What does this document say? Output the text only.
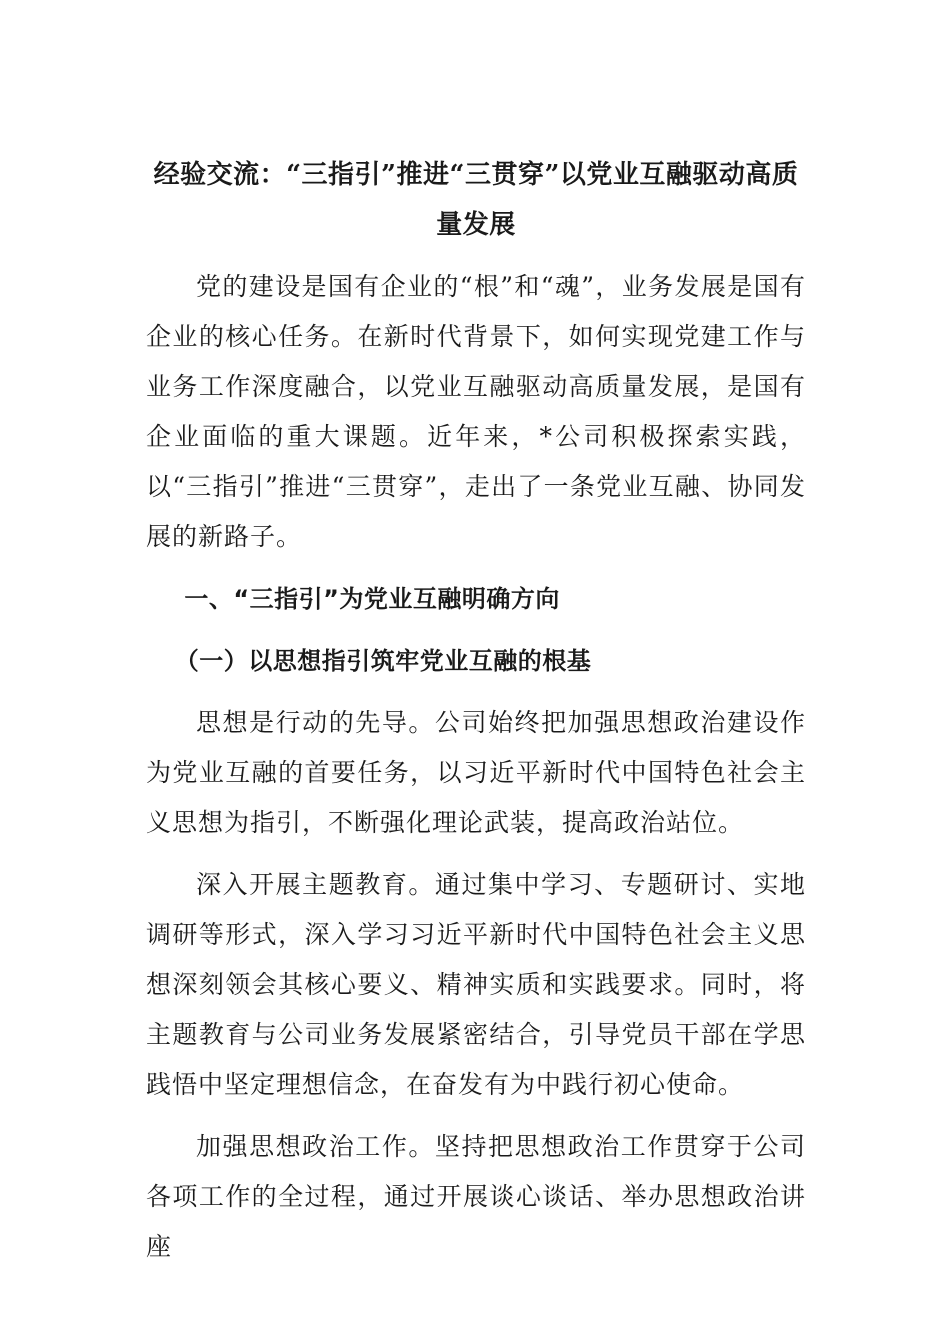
经验交流：“三指引”推进“三贯穿”以党业互融驱动高质量发展

党的建设是国有企业的“根”和“魂”，业务发展是国有企业的核心任务。在新时代背景下，如何实现党建工作与业务工作深度融合，以党业互融驱动高质量发展，是国有企业面临的重大课题。近年来，*公司积极探索实践，以“三指引”推进“三贯穿”，走出了一条党业互融、协同发展的新路子。

一、“三指引”为党业互融明确方向

（一）以思想指引筑牢党业互融的根基

思想是行动的先导。公司始终把加强思想政治建设作为党业互融的首要任务，以习近平新时代中国特色社会主义思想为指引，不断强化理论武装，提高政治站位。

深入开展主题教育。通过集中学习、专题研讨、实地调研等形式，深入学习习近平新时代中国特色社会主义思想深刻领会其核心要义、精神实质和实践要求。同时，将主题教育与公司业务发展紧密结合，引导党员干部在学思践悟中坚定理想信念，在奋发有为中践行初心使命。

加强思想政治工作。坚持把思想政治工作贯穿于公司各项工作的全过程，通过开展谈心谈话、举办思想政治讲座
